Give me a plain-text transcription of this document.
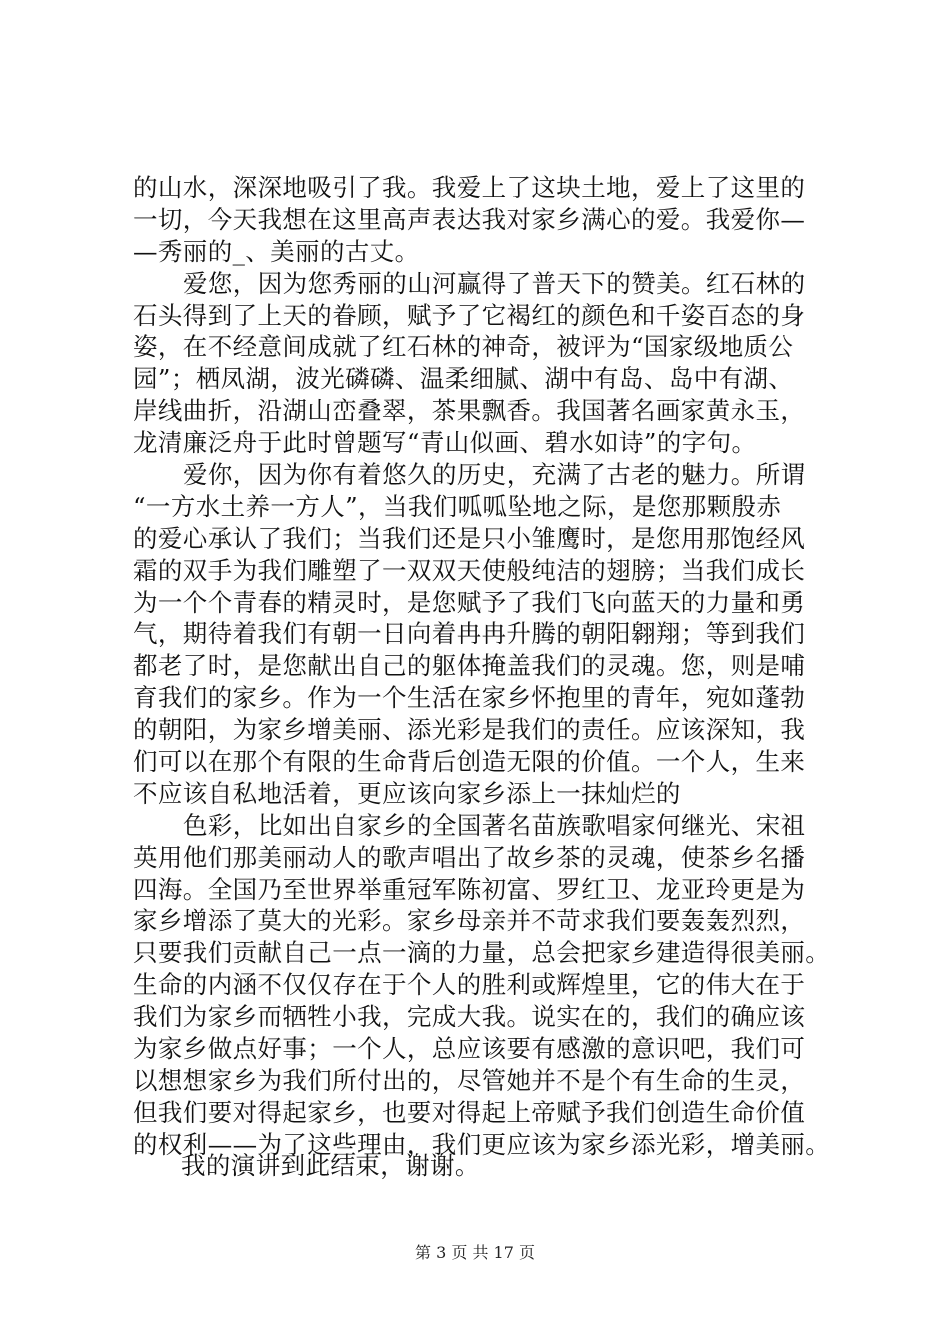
的山水，深深地吸引了我。我爱上了这块土地，爱上了这里的
一切，今天我想在这里高声表达我对家乡满心的爱。我爱你—
—秀丽的_、美丽的古丈。
爱您，因为您秀丽的山河赢得了普天下的赞美。红石林的
石头得到了上天的眷顾，赋予了它褐红的颜色和千姿百态的身
姿，在不经意间成就了红石林的神奇，被评为“国家级地质公
园”；栖凤湖，波光磷磷、温柔细腻、湖中有岛、岛中有湖、
岸线曲折，沿湖山峦叠翠，茶果飘香。我国著名画家黄永玉，
龙清廉泛舟于此时曾题写“青山似画、碧水如诗”的字句。
爱你，因为你有着悠久的历史，充满了古老的魅力。所谓
“一方水土养一方人”，当我们呱呱坠地之际，是您那颗殷赤
的爱心承认了我们；当我们还是只小雏鹰时，是您用那饱经风
霜的双手为我们雕塑了一双双天使般纯洁的翅膀；当我们成长
为一个个青春的精灵时，是您赋予了我们飞向蓝天的力量和勇
气，期待着我们有朝一日向着冉冉升腾的朝阳翱翔；等到我们
都老了时，是您献出自己的躯体掩盖我们的灵魂。您，则是哺
育我们的家乡。作为一个生活在家乡怀抱里的青年，宛如蓬勃
的朝阳，为家乡增美丽、添光彩是我们的责任。应该深知，我
们可以在那个有限的生命背后创造无限的价值。一个人，生来
不应该自私地活着，更应该向家乡添上一抹灿烂的
色彩，比如出自家乡的全国著名苗族歌唱家何继光、宋祖
英用他们那美丽动人的歌声唱出了故乡茶的灵魂，使茶乡名播
四海。全国乃至世界举重冠军陈初富、罗红卫、龙亚玲更是为
家乡增添了莫大的光彩。家乡母亲并不苛求我们要轰轰烈烈，
只要我们贡献自己一点一滴的力量，总会把家乡建造得很美丽。
生命的内涵不仅仅存在于个人的胜利或辉煌里，它的伟大在于
我们为家乡而牺牲小我，完成大我。说实在的，我们的确应该
为家乡做点好事；一个人，总应该要有感激的意识吧，我们可
以想想家乡为我们所付出的，尽管她并不是个有生命的生灵，
但我们要对得起家乡，也要对得起上帝赋予我们创造生命价值
的权利——为了这些理由，我们更应该为家乡添光彩，增美丽。
我的演讲到此结束，谢谢。
第 3 页 共 17 页
